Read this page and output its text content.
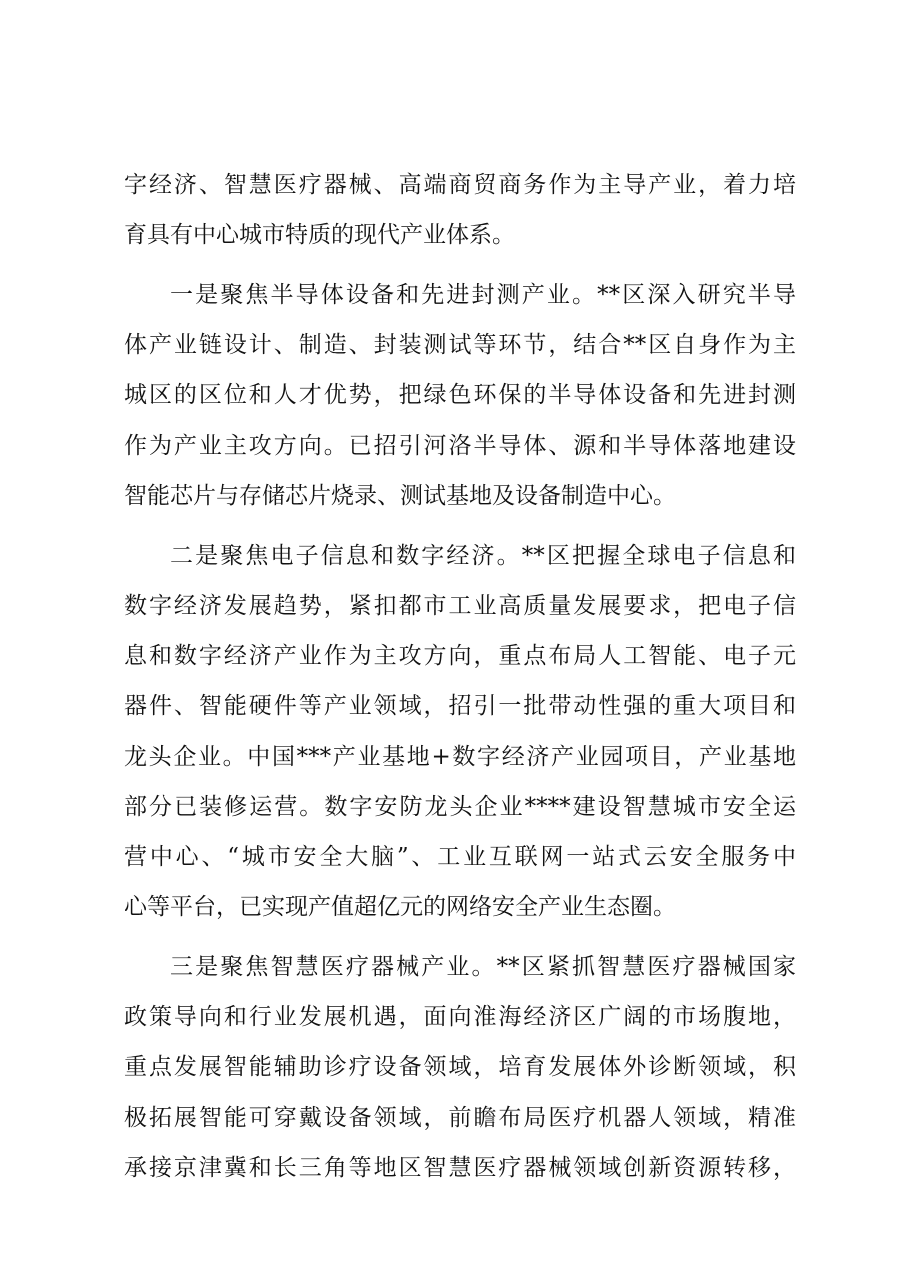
字经济、智慧医疗器械、高端商贸商务作为主导产业，着力培
育具有中心城市特质的现代产业体系。
一是聚焦半导体设备和先进封测产业。**区深入研究半导
体产业链设计、制造、封装测试等环节，结合**区自身作为主
城区的区位和人才优势，把绿色环保的半导体设备和先进封测
作为产业主攻方向。已招引河洛半导体、源和半导体落地建设
智能芯片与存储芯片烧录、测试基地及设备制造中心。
二是聚焦电子信息和数字经济。**区把握全球电子信息和
数字经济发展趋势，紧扣都市工业高质量发展要求，把电子信
息和数字经济产业作为主攻方向，重点布局人工智能、电子元
器件、智能硬件等产业领域，招引一批带动性强的重大项目和
龙头企业。中国***产业基地+数字经济产业园项目，产业基地
部分已装修运营。数字安防龙头企业****建设智慧城市安全运
营中心、“城市安全大脑”、工业互联网一站式云安全服务中
心等平台，已实现产值超亿元的网络安全产业生态圈。
三是聚焦智慧医疗器械产业。**区紧抓智慧医疗器械国家
政策导向和行业发展机遇，面向淮海经济区广阔的市场腹地，
重点发展智能辅助诊疗设备领域，培育发展体外诊断领域，积
极拓展智能可穿戴设备领域，前瞻布局医疗机器人领域，精准
承接京津冀和长三角等地区智慧医疗器械领域创新资源转移，
